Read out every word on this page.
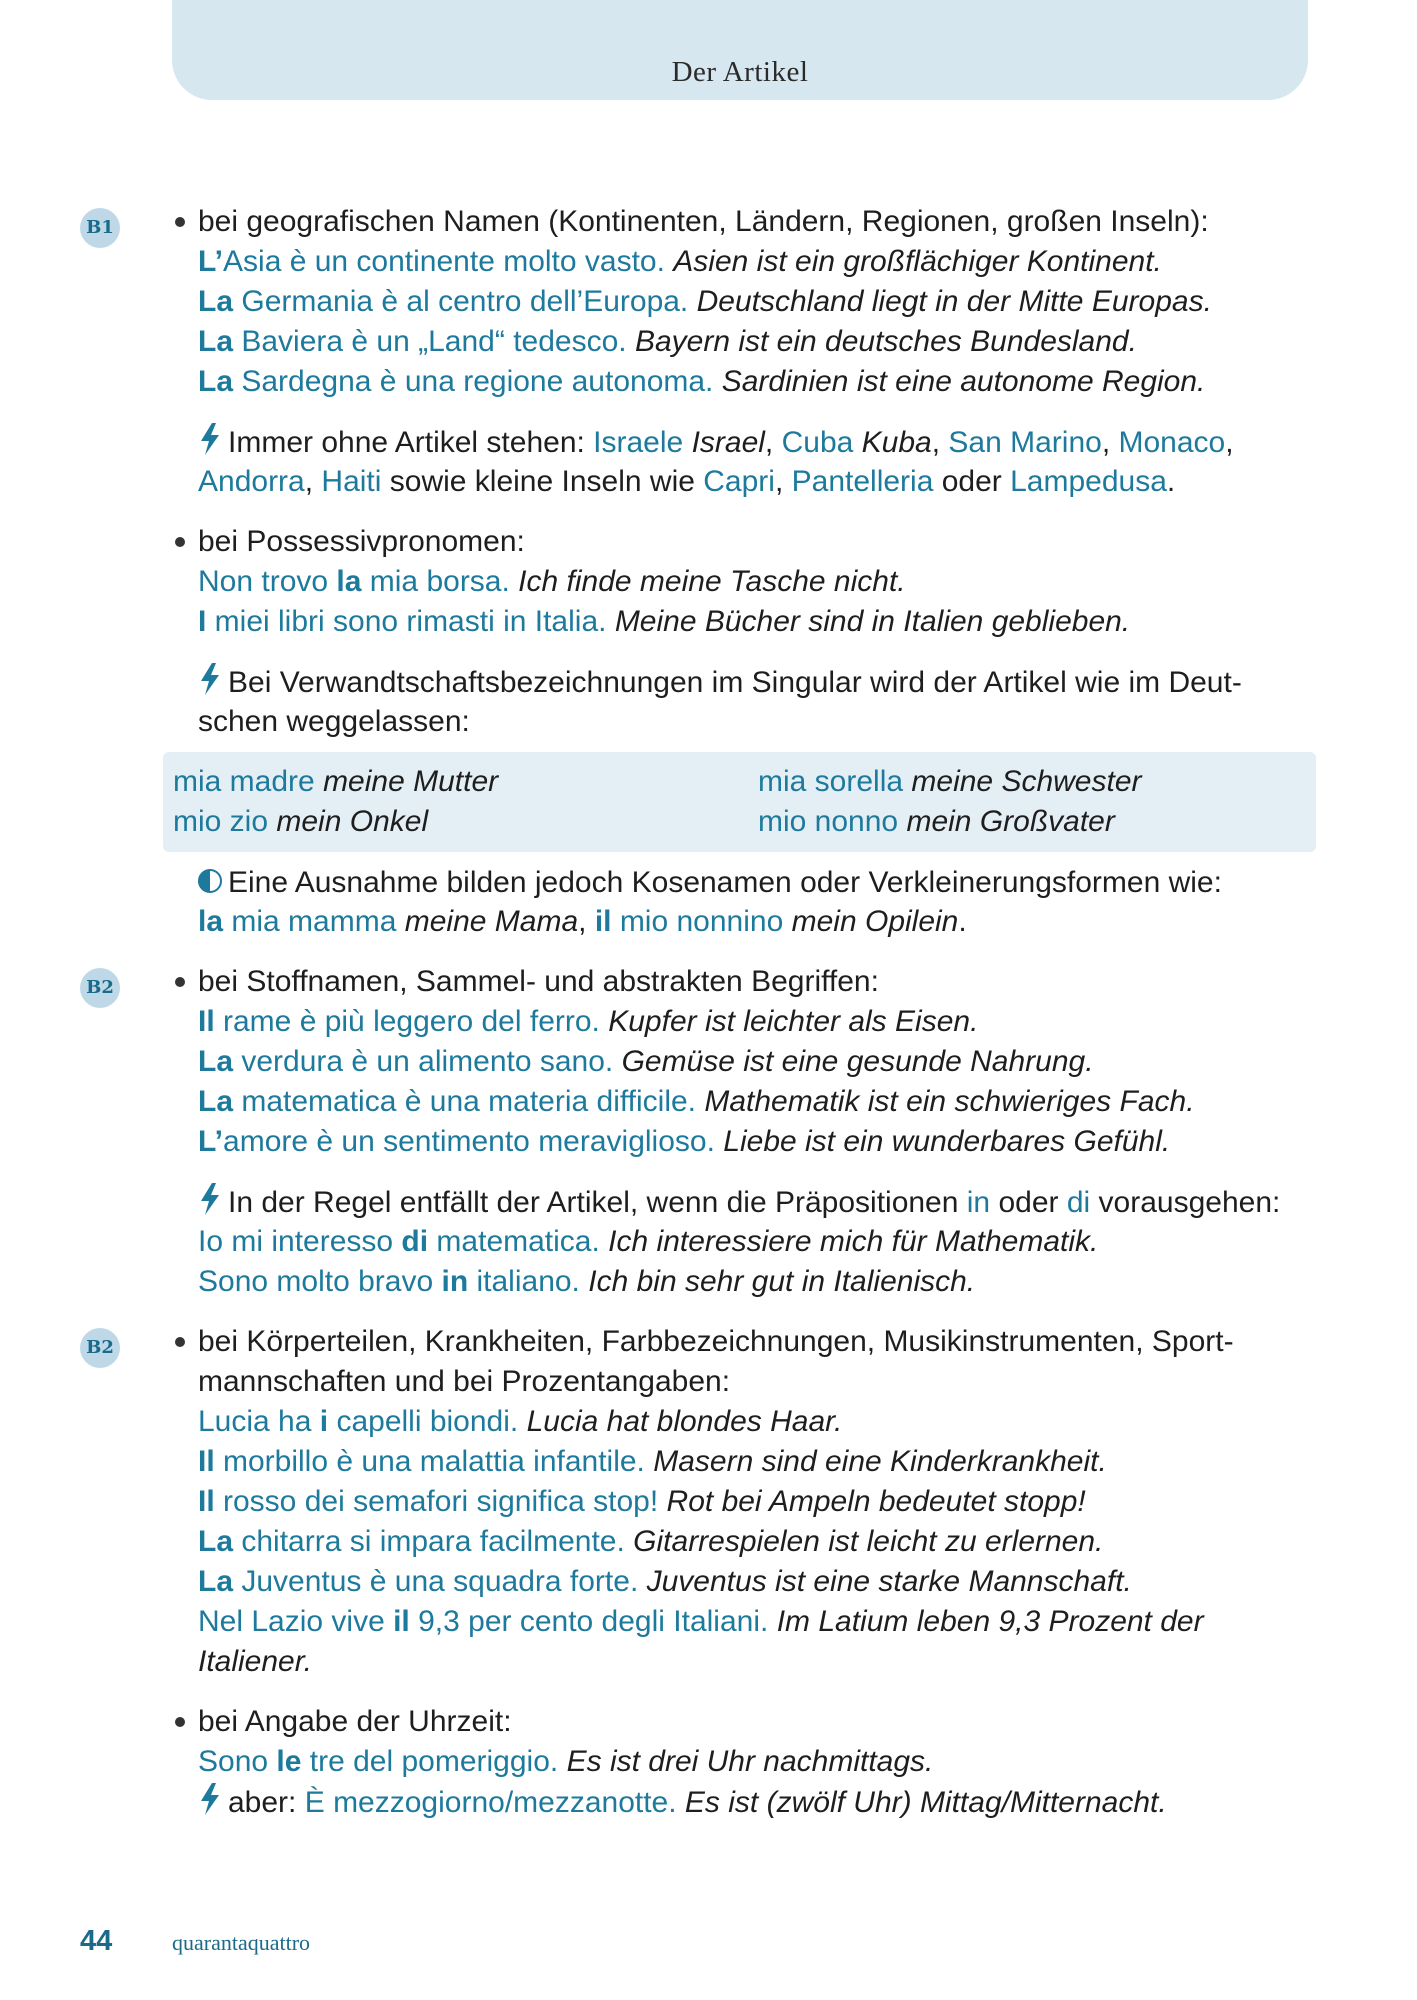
Der Artikel
B1	bei geografischen Namen (Kontinenten, Ländern, Regionen, großen Inseln):
L’Asia è un continente molto vasto. Asien ist ein großflächiger Kontinent.
La Germania è al centro dell’Europa. Deutschland liegt in der Mitte Europas.
La Baviera è un „Land“ tedesco. Bayern ist ein deutsches Bundesland.
La Sardegna è una regione autonoma. Sardinien ist eine autonome Region.
Immer ohne Artikel stehen: Israele Israel, Cuba Kuba, San Marino, Monaco,
Andorra, Haiti sowie kleine Inseln wie Capri, Pantelleria oder Lampedusa.
bei Possessivpronomen:
Non trovo la mia borsa. Ich finde meine Tasche nicht.
I miei libri sono rimasti in Italia. Meine Bücher sind in Italien geblieben.
Bei Verwandtschaftsbezeichnungen im Singular wird der Artikel wie im Deut-
schen weggelassen:
mia madre meine Mutter	mia sorella meine Schwester
mio zio mein Onkel	mio nonno mein Großvater
Eine Ausnahme bilden jedoch Kosenamen oder Verkleinerungsformen wie:
la mia mamma meine Mama, il mio nonnino mein Opilein.
B2	bei Stoffnamen, Sammel- und abstrakten Begriffen:
Il rame è più leggero del ferro. Kupfer ist leichter als Eisen.
La verdura è un alimento sano. Gemüse ist eine gesunde Nahrung.
La matematica è una materia difficile. Mathematik ist ein schwieriges Fach.
L’amore è un sentimento meraviglioso. Liebe ist ein wunderbares Gefühl.
In der Regel entfällt der Artikel, wenn die Präpositionen in oder di vorausgehen:
Io mi interesso di matematica. Ich interessiere mich für Mathematik.
Sono molto bravo in italiano. Ich bin sehr gut in Italienisch.
B2	bei Körperteilen, Krankheiten, Farbbezeichnungen, Musikinstrumenten, Sport-
mannschaften und bei Prozentangaben:
Lucia ha i capelli biondi. Lucia hat blondes Haar.
Il morbillo è una malattia infantile. Masern sind eine Kinderkrankheit.
Il rosso dei semafori significa stop! Rot bei Ampeln bedeutet stopp!
La chitarra si impara facilmente. Gitarrespielen ist leicht zu erlernen.
La Juventus è una squadra forte. Juventus ist eine starke Mannschaft.
Nel Lazio vive il 9,3 per cento degli Italiani. Im Latium leben 9,3 Prozent der
Italiener.
bei Angabe der Uhrzeit:
Sono le tre del pomeriggio. Es ist drei Uhr nachmittags.
aber: È mezzogiorno/mezzanotte. Es ist (zwölf Uhr) Mittag/Mitternacht.
44	quarantaquattro
